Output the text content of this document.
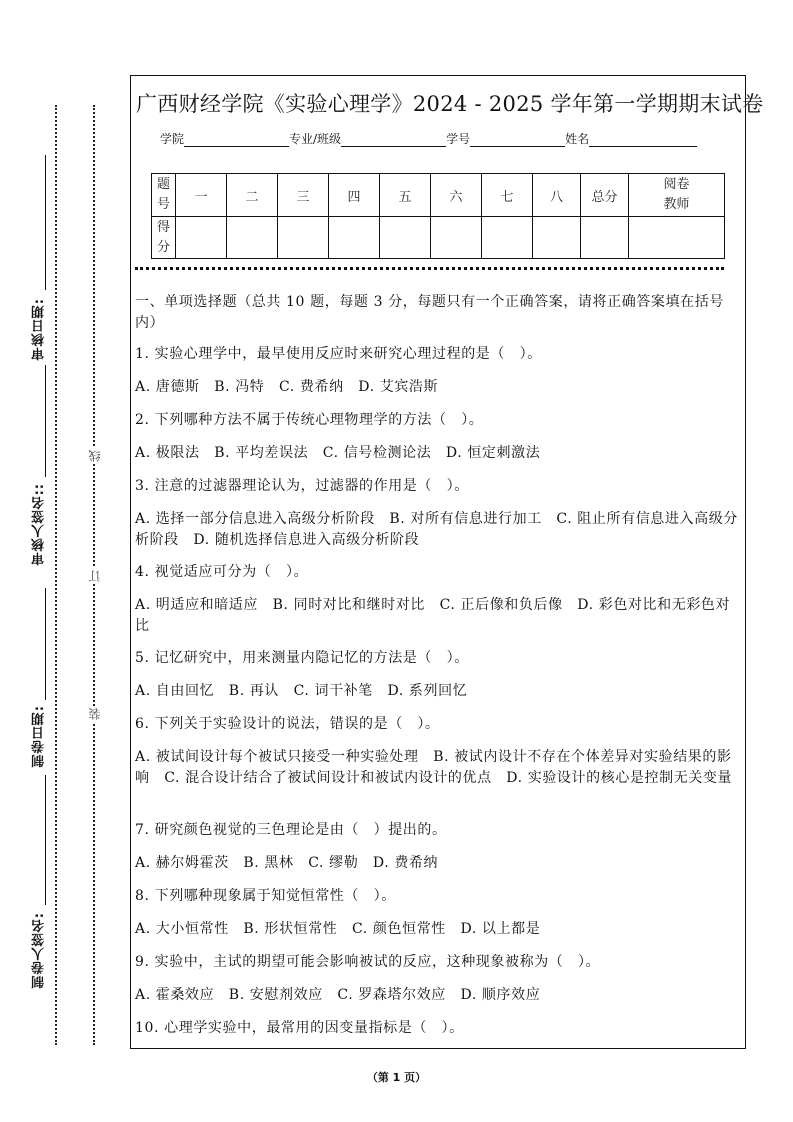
审核日期:
审核人签名::
制卷日期:
制卷人签名:
线
订
装
广西财经学院《实验心理学》2024 - 2025 学年第一学期期末试卷
学院	专业/班级	学号	姓名
题号	一	二	三	四	五	六	七	八	总分	阅卷教师
得分										
一、单项选择题（总共 10 题，每题 3 分，每题只有一个正确答案，请将正确答案填在括号内）
1. 实验心理学中，最早使用反应时来研究心理过程的是（　）。
A. 唐德斯　B. 冯特　C. 费希纳　D. 艾宾浩斯
2. 下列哪种方法不属于传统心理物理学的方法（　）。
A. 极限法　B. 平均差误法　C. 信号检测论法　D. 恒定刺激法
3. 注意的过滤器理论认为，过滤器的作用是（　）。
A. 选择一部分信息进入高级分析阶段　B. 对所有信息进行加工　C. 阻止所有信息进入高级分析阶段　D. 随机选择信息进入高级分析阶段
4. 视觉适应可分为（　）。
A. 明适应和暗适应　B. 同时对比和继时对比　C. 正后像和负后像　D. 彩色对比和无彩色对比
5. 记忆研究中，用来测量内隐记忆的方法是（　）。
A. 自由回忆　B. 再认　C. 词干补笔　D. 系列回忆
6. 下列关于实验设计的说法，错误的是（　）。
A. 被试间设计每个被试只接受一种实验处理　B. 被试内设计不存在个体差异对实验结果的影响　C. 混合设计结合了被试间设计和被试内设计的优点　D. 实验设计的核心是控制无关变量
7. 研究颜色视觉的三色理论是由（　）提出的。
A. 赫尔姆霍茨　B. 黑林　C. 缪勒　D. 费希纳
8. 下列哪种现象属于知觉恒常性（　）。
A. 大小恒常性　B. 形状恒常性　C. 颜色恒常性　D. 以上都是
9. 实验中，主试的期望可能会影响被试的反应，这种现象被称为（　）。
A. 霍桑效应　B. 安慰剂效应　C. 罗森塔尔效应　D. 顺序效应
10. 心理学实验中，最常用的因变量指标是（　）。
（第 1 页）
